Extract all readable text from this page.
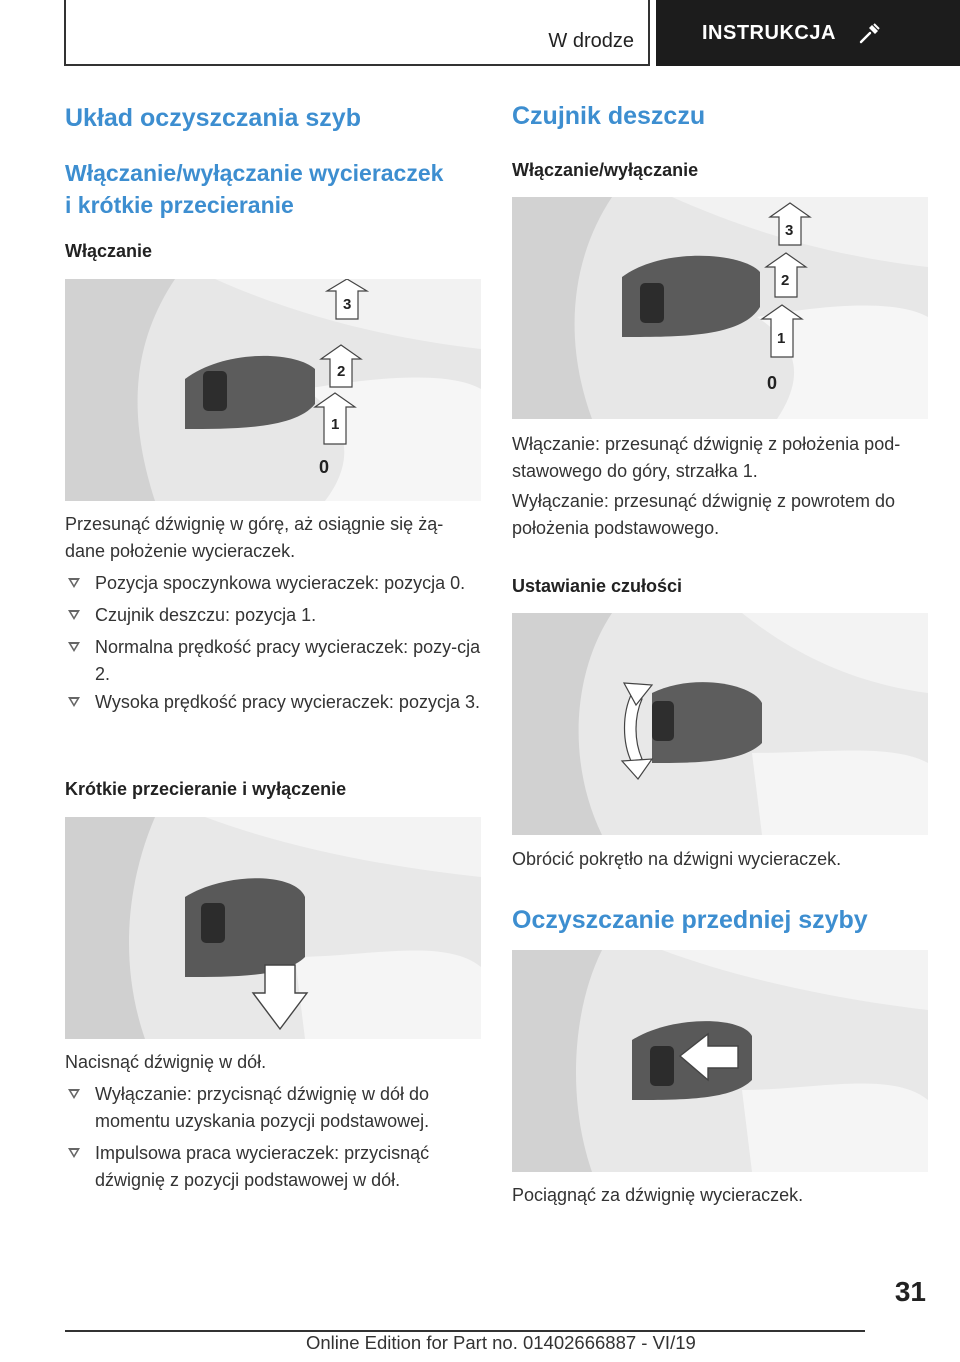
W drodze	INSTRUKCJA
Układ oczyszczania szyb
Włączanie/wyłączanie wycieraczek
i krótkie przecieranie
Włączanie
3
2
1
0

Przesunąć dźwignię w górę, aż osiągnie się żą-dane położenie wycieraczek.

Pozycja spoczynkowa wycieraczek: pozycja 0.
Czujnik deszczu: pozycja 1.
Normalna prędkość pracy wycieraczek: pozy-cja 2.
Wysoka prędkość pracy wycieraczek: pozycja 3.
Krótkie przecieranie i wyłączenie

Nacisnąć dźwignię w dół.

Wyłączanie: przycisnąć dźwignię w dół do momentu uzyskania pozycji podstawowej.
Impulsowa praca wycieraczek: przycisnąć dźwignię z pozycji podstawowej w dół.
Czujnik deszczu
Włączanie/wyłączanie
3
2
1
0

Włączanie: przesunąć dźwignię z położenia pod-stawowego do góry, strzałka 1.

Wyłączanie: przesunąć dźwignię z powrotem do położenia podstawowego.

Ustawianie czułości

Obrócić pokrętło na dźwigni wycieraczek.

Oczyszczanie przedniej szyby

Pociągnąć za dźwignię wycieraczek.

31
Online Edition for Part no. 01402666887 - VI/19
